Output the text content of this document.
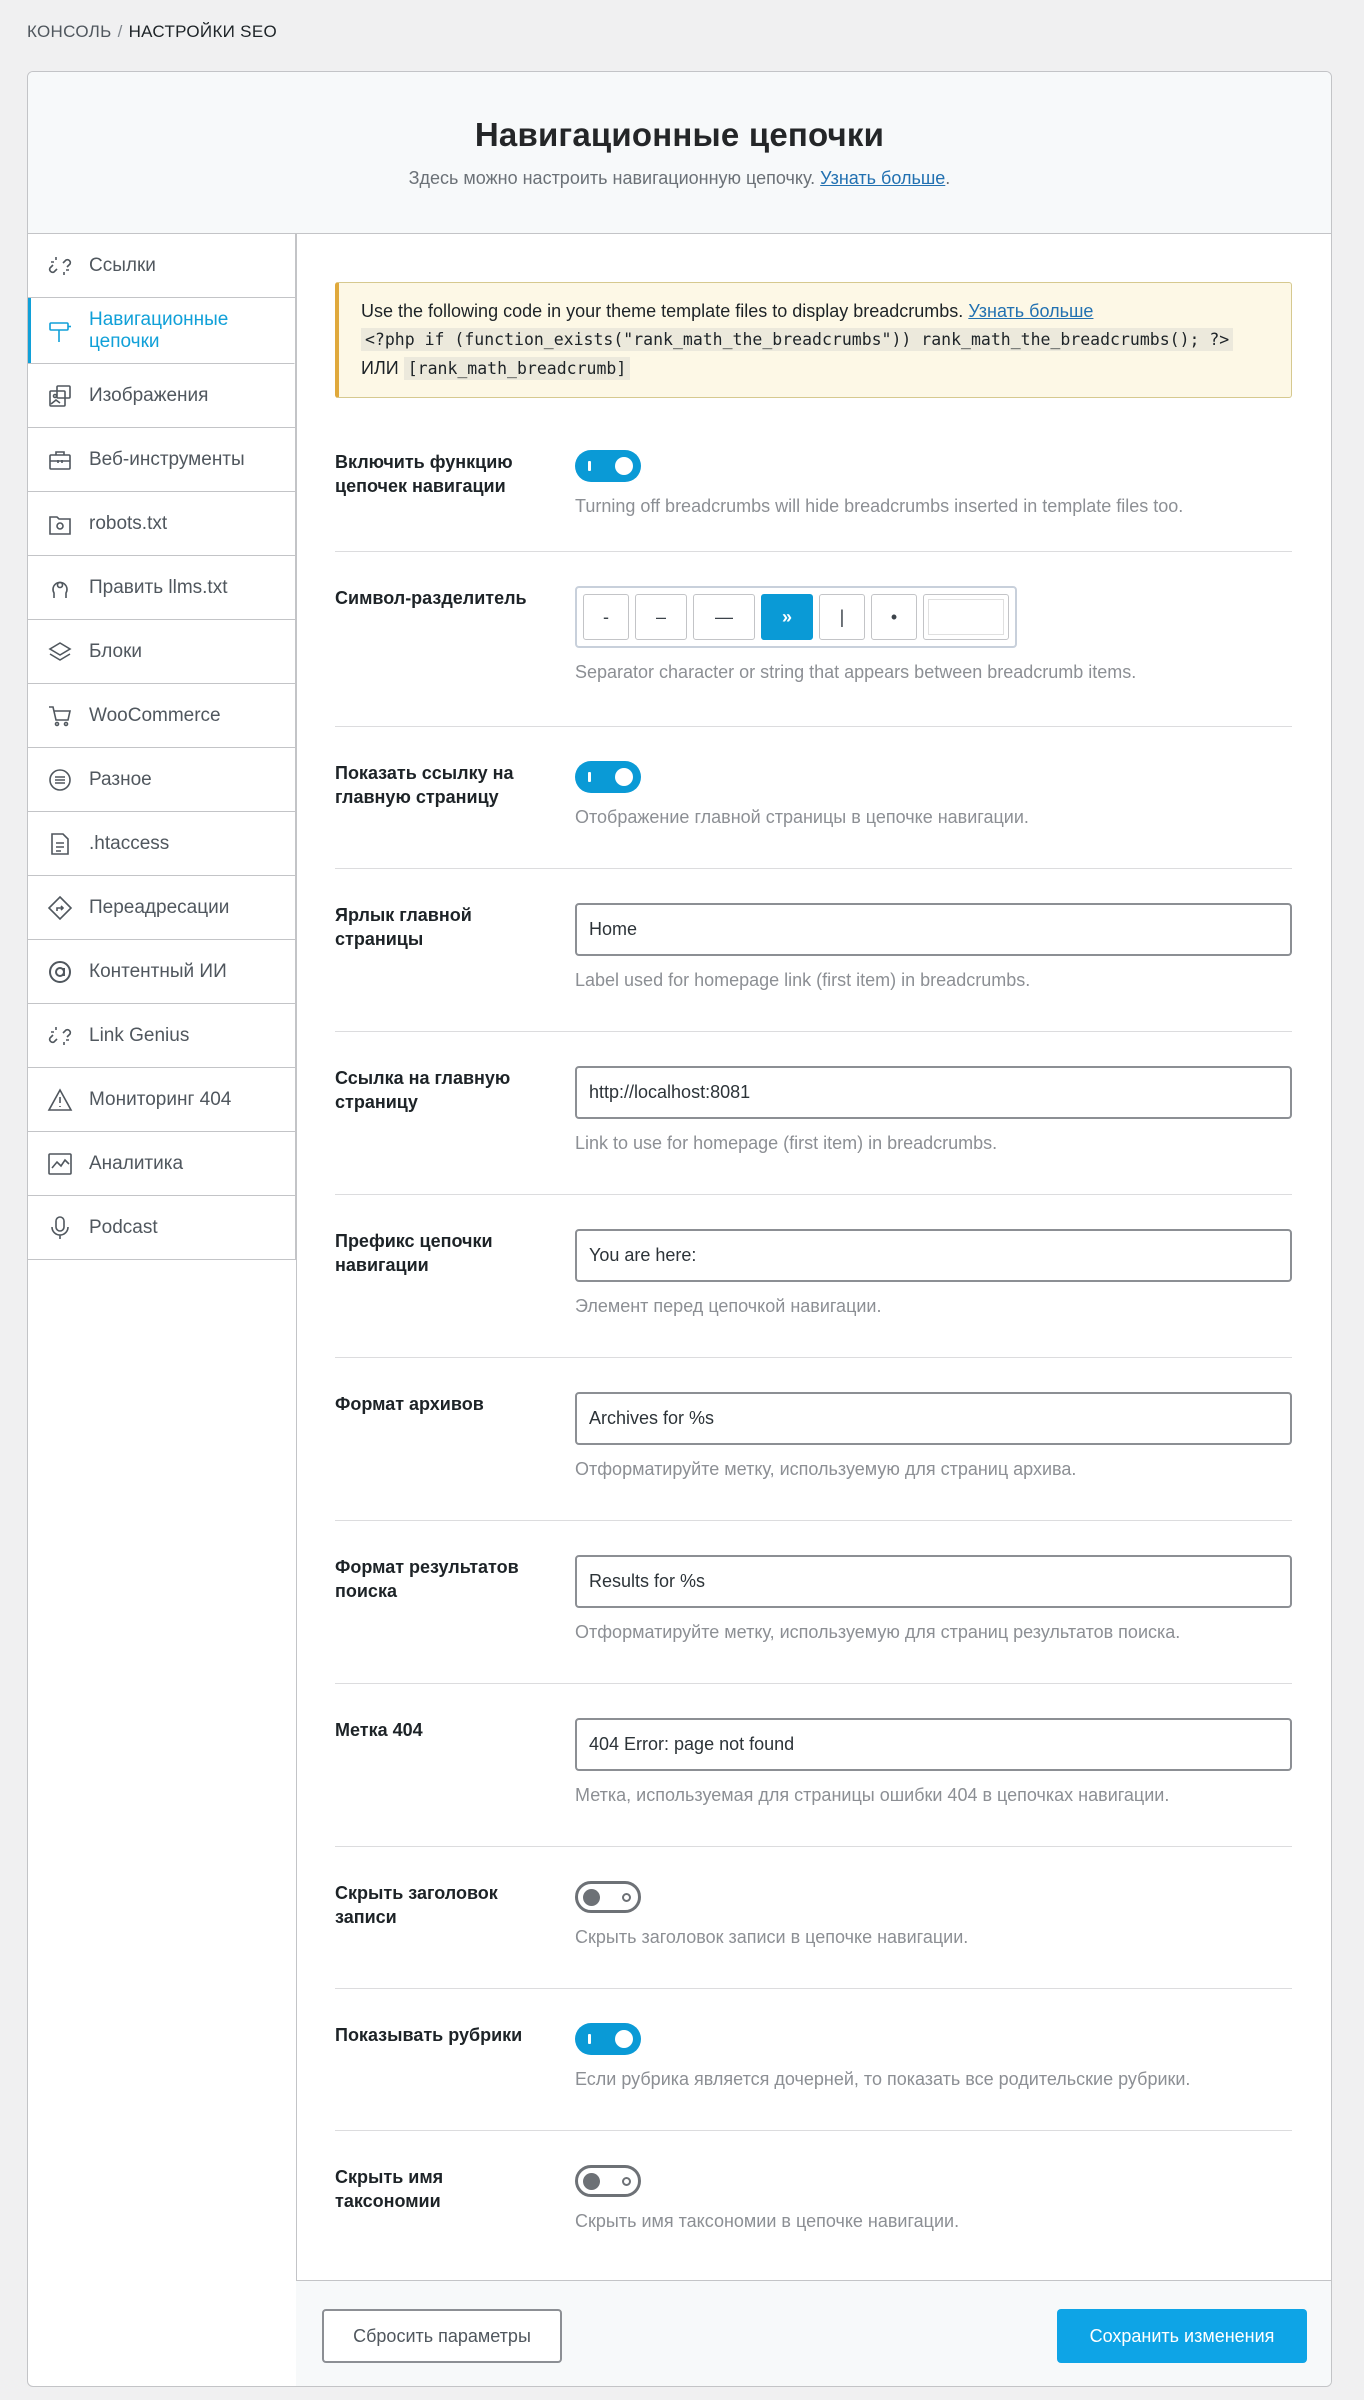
КОНСОЛЬ / НАСТРОЙКИ SEO
Навигационные цепочки

Здесь можно настроить навигационную цепочку. Узнать больше.

Ссылки
Навигационные цепочки
Изображения
Веб-инструменты
robots.txt
Править llms.txt
Блоки
WooCommerce
Разное
.htaccess
Переадресации
Контентный ИИ
Link Genius
Мониторинг 404
Аналитика
Podcast
Use the following code in your theme template files to display breadcrumbs. Узнать больше
<?php if (function_exists("rank_math_the_breadcrumbs")) rank_math_the_breadcrumbs(); ?> ИЛИ [rank_math_breadcrumb]
Включить функцию цепочек навигации
Turning off breadcrumbs will hide breadcrumbs inserted in template files too.
Символ-разделитель
-	–	—	»	|	•
Separator character or string that appears between breadcrumb items.
Показать ссылку на главную страницу
Отображение главной страницы в цепочке навигации.
Ярлык главной страницы
Home
Label used for homepage link (first item) in breadcrumbs.
Ссылка на главную страницу
http://localhost:8081
Link to use for homepage (first item) in breadcrumbs.
Префикс цепочки навигации
You are here:
Элемент перед цепочкой навигации.
Формат архивов
Archives for %s
Отформатируйте метку, используемую для страниц архива.
Формат результатов поиска
Results for %s
Отформатируйте метку, используемую для страниц результатов поиска.
Метка 404
404 Error: page not found
Метка, используемая для страницы ошибки 404 в цепочках навигации.
Скрыть заголовок записи
Скрыть заголовок записи в цепочке навигации.
Показывать рубрики
Если рубрика является дочерней, то показать все родительские рубрики.
Скрыть имя таксономии
Скрыть имя таксономии в цепочке навигации.
Сбросить параметры	Сохранить изменения
